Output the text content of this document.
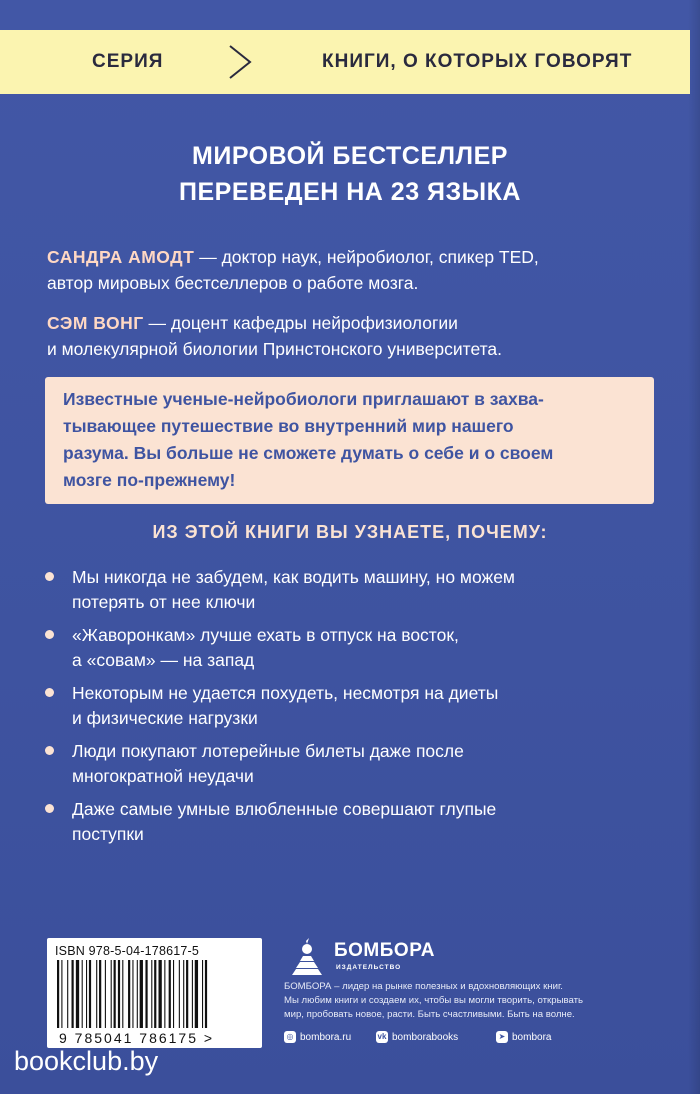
СЕРИЯ	КНИГИ, О КОТОРЫХ ГОВОРЯТ
МИРОВОЙ БЕСТСЕЛЛЕР
ПЕРЕВЕДЕН НА 23 ЯЗЫКА
САНДРА АМОДТ — доктор наук, нейробиолог, спикер TED,
автор мировых бестселлеров о работе мозга.
СЭМ ВОНГ — доцент кафедры нейрофизиологии
и молекулярной биологии Принстонского университета.
Известные ученые-нейробиологи приглашают в захва-
тывающее путешествие во внутренний мир нашего
разума. Вы больше не сможете думать о себе и о своем
мозге по-прежнему!
ИЗ ЭТОЙ КНИГИ ВЫ УЗНАЕТЕ, ПОЧЕМУ:
Мы никогда не забудем, как водить машину, но можем
потерять от нее ключи
«Жаворонкам» лучше ехать в отпуск на восток,
а «совам» — на запад
Некоторым не удается похудеть, несмотря на диеты
и физические нагрузки
Люди покупают лотерейные билеты даже после
многократной неудачи
Даже самые умные влюбленные совершают глупые
поступки
ISBN 978-5-04-178617-5
9 785041 786175 >
БОМБОРА
ИЗДАТЕЛЬСТВО
БОМБОРА – лидер на рынке полезных и вдохновляющих книг.
Мы любим книги и создаем их, чтобы вы могли творить, открывать
мир, пробовать новое, расти. Быть счастливыми. Быть на волне.
◎ bombora.ru	vk bomborabooks	➤ bombora
bookclub.by
